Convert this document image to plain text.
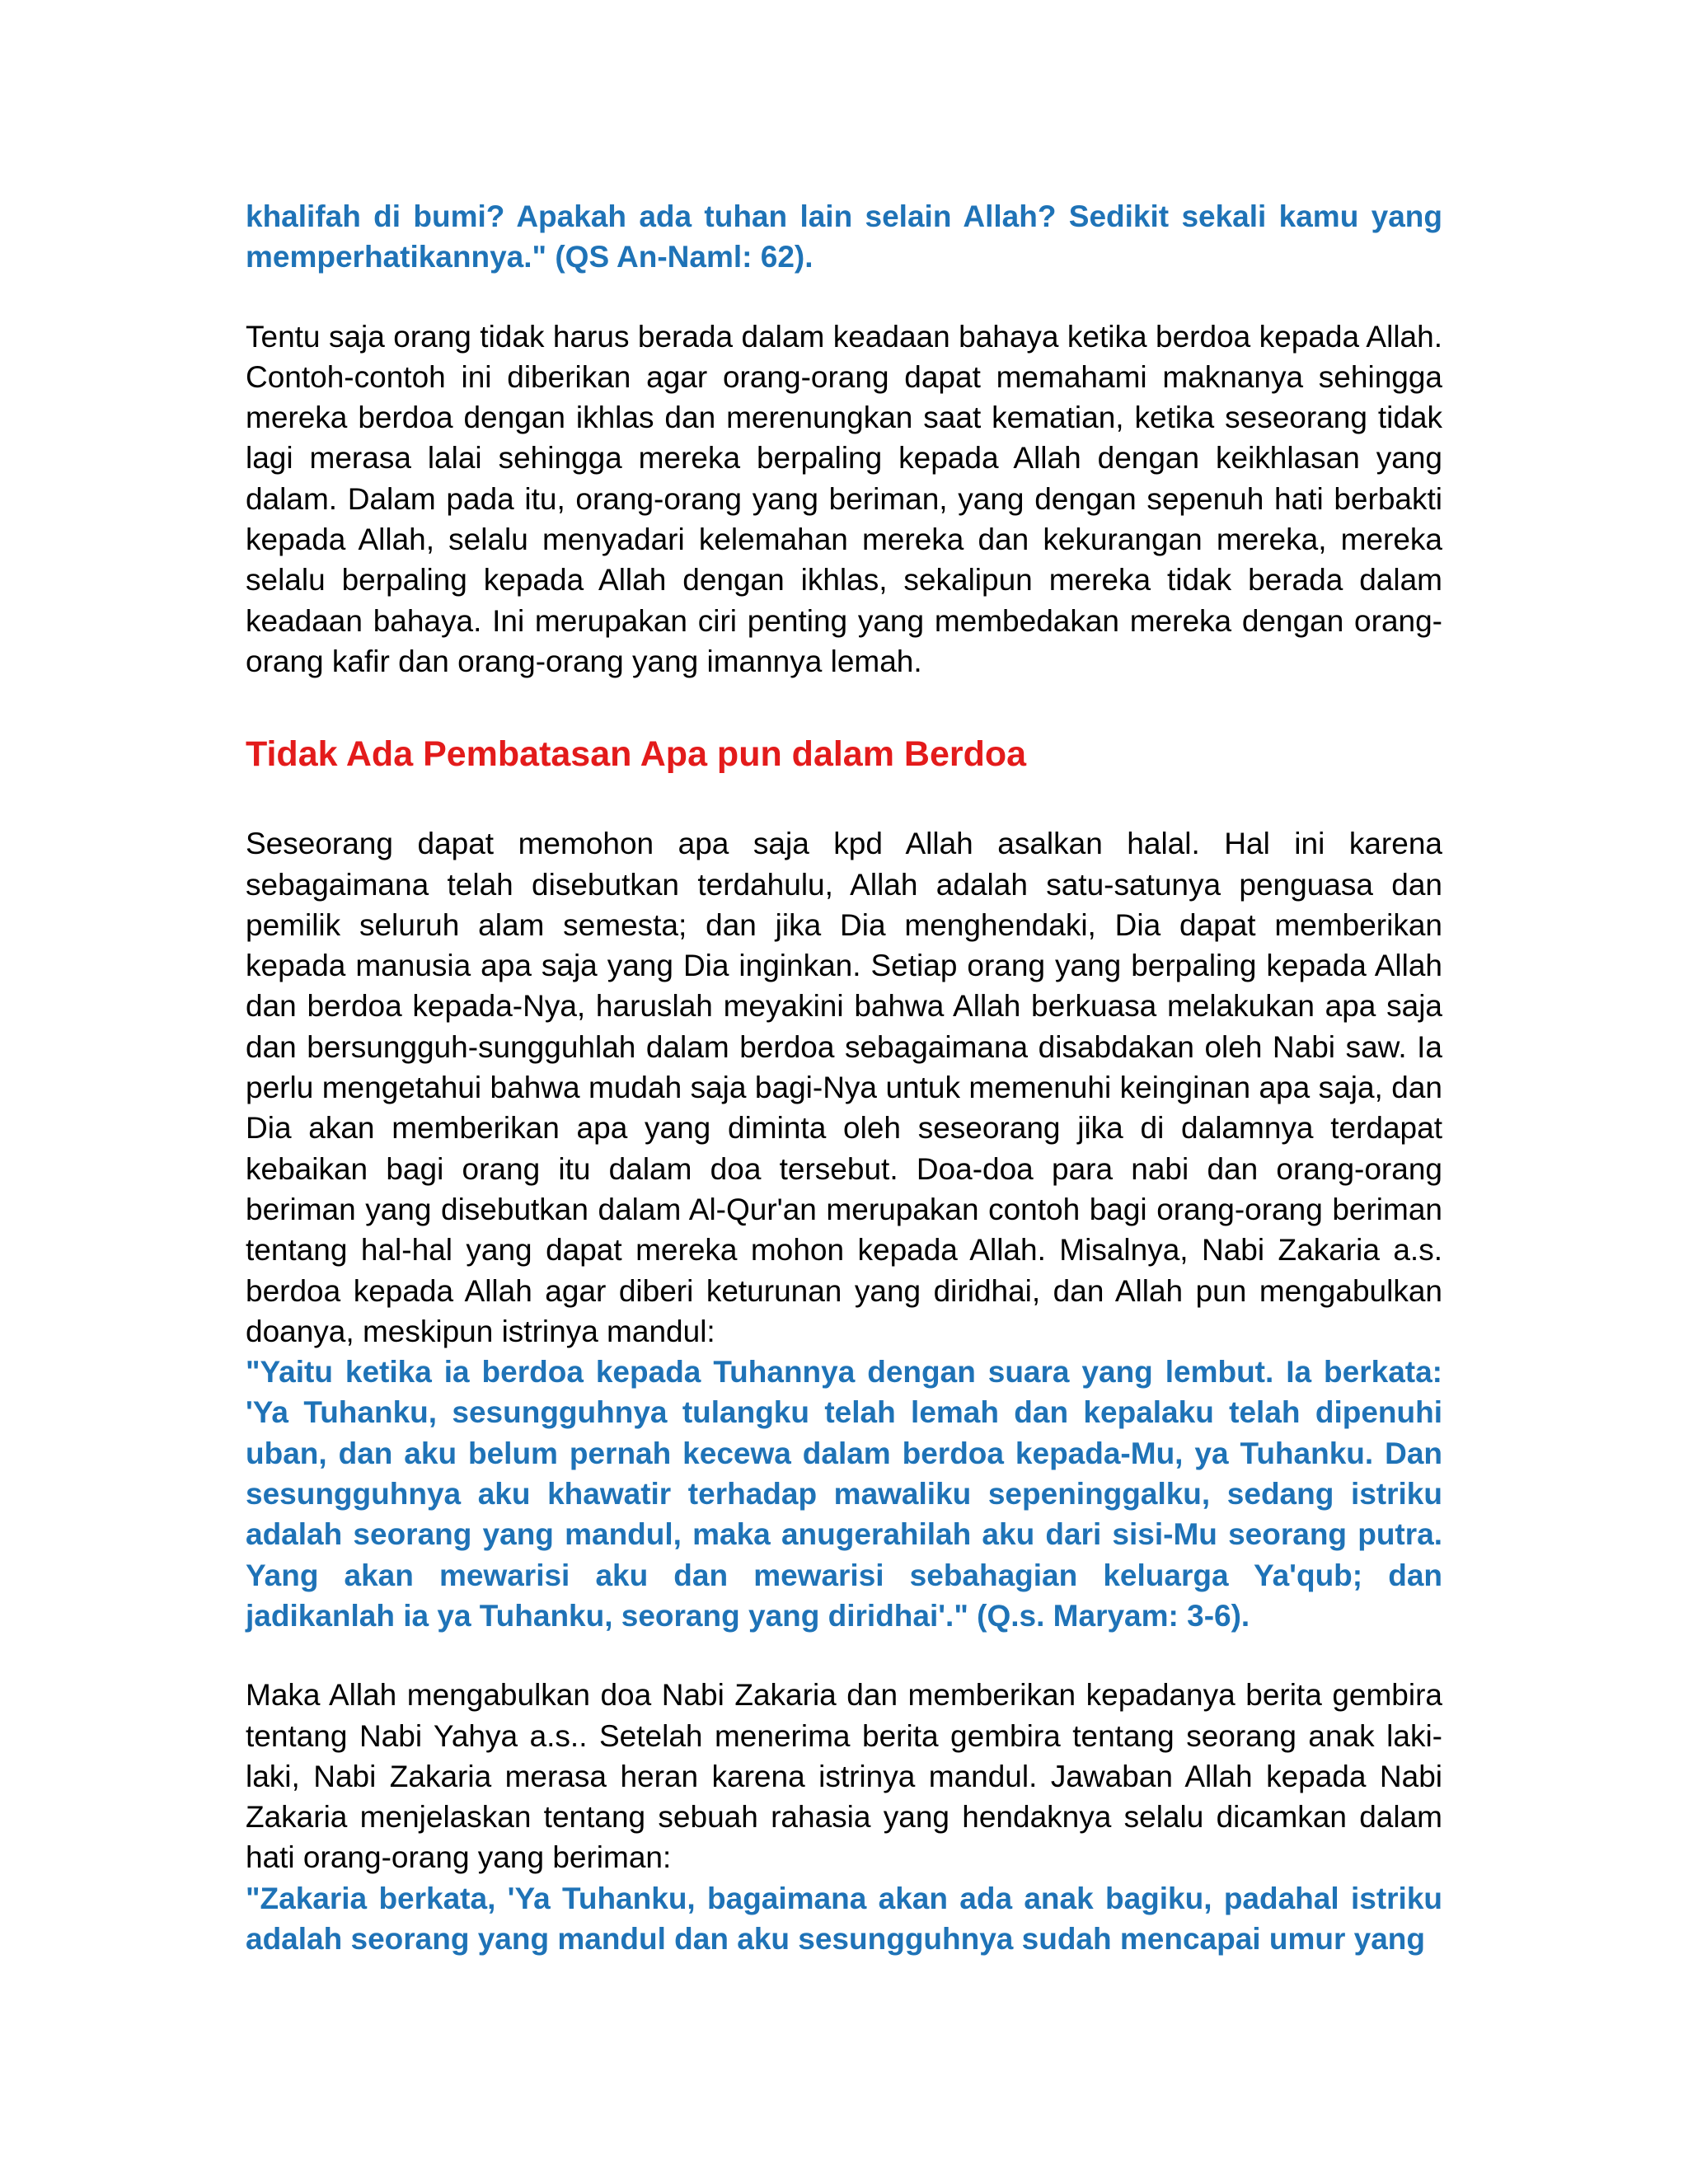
khalifah di bumi? Apakah ada tuhan lain selain Allah? Sedikit sekali kamu yang memperhatikannya." (QS An-Naml: 62).

Tentu saja orang tidak harus berada dalam keadaan bahaya ketika berdoa kepada Allah. Contoh-contoh ini diberikan agar orang-orang dapat memahami maknanya sehingga mereka berdoa dengan ikhlas dan merenungkan saat kematian, ketika seseorang tidak lagi merasa lalai sehingga mereka berpaling kepada Allah dengan keikhlasan yang dalam. Dalam pada itu, orang-orang yang beriman, yang dengan sepenuh hati berbakti kepada Allah, selalu menyadari kelemahan mereka dan kekurangan mereka, mereka selalu berpaling kepada Allah dengan ikhlas, sekalipun mereka tidak berada dalam keadaan bahaya. Ini merupakan ciri penting yang membedakan mereka dengan orang-orang kafir dan orang-orang yang imannya lemah.

Tidak Ada Pembatasan Apa pun dalam Berdoa

Seseorang dapat memohon apa saja kpd Allah asalkan halal. Hal ini karena sebagaimana telah disebutkan terdahulu, Allah adalah satu-satunya penguasa dan pemilik seluruh alam semesta; dan jika Dia menghendaki, Dia dapat memberikan kepada manusia apa saja yang Dia inginkan. Setiap orang yang berpaling kepada Allah dan berdoa kepada-Nya, haruslah meyakini bahwa Allah berkuasa melakukan apa saja dan bersungguh-sungguhlah dalam berdoa sebagaimana disabdakan oleh Nabi saw. Ia perlu mengetahui bahwa mudah saja bagi-Nya untuk memenuhi keinginan apa saja, dan Dia akan memberikan apa yang diminta oleh seseorang jika di dalamnya terdapat kebaikan bagi orang itu dalam doa tersebut. Doa-doa para nabi dan orang-orang beriman yang disebutkan dalam Al-Qur'an merupakan contoh bagi orang-orang beriman tentang hal-hal yang dapat mereka mohon kepada Allah. Misalnya, Nabi Zakaria a.s. berdoa kepada Allah agar diberi keturunan yang diridhai, dan Allah pun mengabulkan doanya, meskipun istrinya mandul:

"Yaitu ketika ia berdoa kepada Tuhannya dengan suara yang lembut. Ia berkata: 'Ya Tuhanku, sesungguhnya tulangku telah lemah dan kepalaku telah dipenuhi uban, dan aku belum pernah kecewa dalam berdoa kepada-Mu, ya Tuhanku. Dan sesungguhnya aku khawatir terhadap mawaliku sepeninggalku, sedang istriku adalah seorang yang mandul, maka anugerahilah aku dari sisi-Mu seorang putra. Yang akan mewarisi aku dan mewarisi sebahagian keluarga Ya'qub; dan jadikanlah ia ya Tuhanku, seorang yang diridhai'." (Q.s. Maryam: 3-6).

Maka Allah mengabulkan doa Nabi Zakaria dan memberikan kepadanya berita gembira tentang Nabi Yahya a.s.. Setelah menerima berita gembira tentang seorang anak laki-laki, Nabi Zakaria merasa heran karena istrinya mandul. Jawaban Allah kepada Nabi Zakaria menjelaskan tentang sebuah rahasia yang hendaknya selalu dicamkan dalam hati orang-orang yang beriman:

"Zakaria berkata, 'Ya Tuhanku, bagaimana akan ada anak bagiku, padahal istriku adalah seorang yang mandul dan aku sesungguhnya sudah mencapai umur yang
